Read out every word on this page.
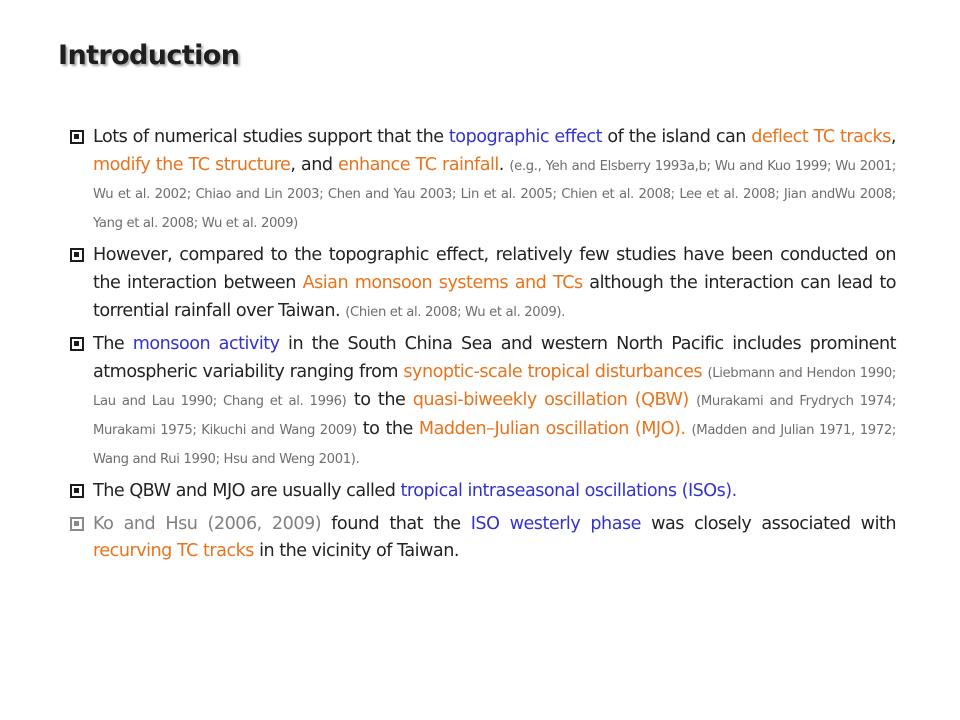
Introduction
Lots of numerical studies support that the topographic effect of the island can deflect TC tracks, modify the TC structure, and enhance TC rainfall. (e.g., Yeh and Elsberry 1993a,b; Wu and Kuo 1999; Wu 2001; Wu et al. 2002; Chiao and Lin 2003; Chen and Yau 2003; Lin et al. 2005; Chien et al. 2008; Lee et al. 2008; Jian andWu 2008; Yang et al. 2008; Wu et al. 2009)
However, compared to the topographic effect, relatively few studies have been conducted on the interaction between Asian monsoon systems and TCs although the interaction can lead to torrential rainfall over Taiwan. (Chien et al. 2008; Wu et al. 2009).
The monsoon activity in the South China Sea and western North Pacific includes prominent atmospheric variability ranging from synoptic-scale tropical disturbances (Liebmann and Hendon 1990; Lau and Lau 1990; Chang et al. 1996) to the quasi-biweekly oscillation (QBW) (Murakami and Frydrych 1974; Murakami 1975; Kikuchi and Wang 2009) to the Madden–Julian oscillation (MJO). (Madden and Julian 1971, 1972; Wang and Rui 1990; Hsu and Weng 2001).
The QBW and MJO are usually called tropical intraseasonal oscillations (ISOs).
Ko and Hsu (2006, 2009) found that the ISO westerly phase was closely associated with recurving TC tracks in the vicinity of Taiwan.
